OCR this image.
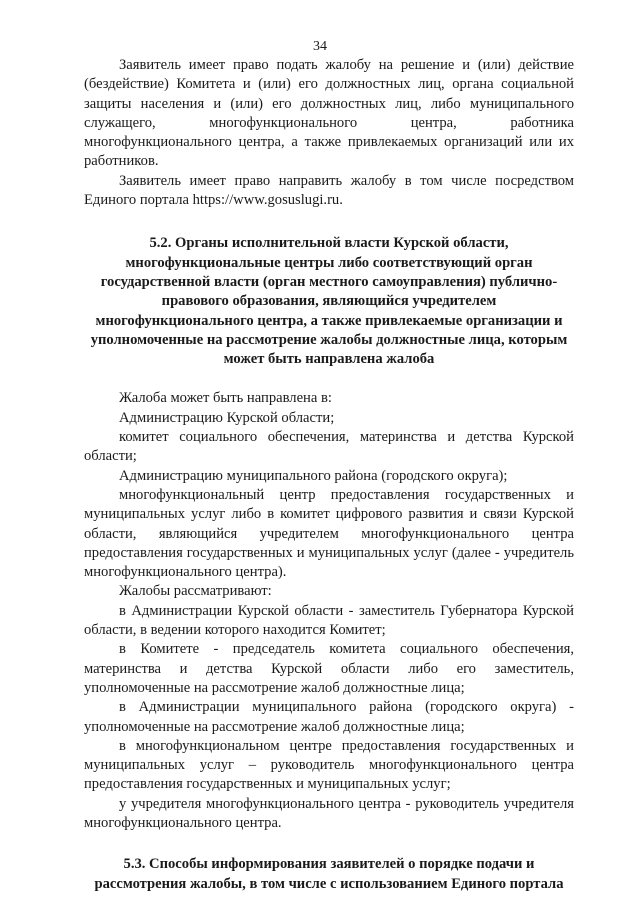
34

Заявитель имеет право подать жалобу на решение и (или) действие (бездействие) Комитета и (или) его должностных лиц, органа социальной защиты населения и (или) его должностных лиц, либо муниципального служащего, многофункционального центра, работника многофункционального центра, а также привлекаемых организаций или их работников.

Заявитель имеет право направить жалобу в том числе посредством Единого портала https://www.gosuslugi.ru.

5.2. Органы исполнительной власти Курской области, многофункциональные центры либо соответствующий орган государственной власти (орган местного самоуправления) публично-правового образования, являющийся учредителем многофункционального центра, а также привлекаемые организации и уполномоченные на рассмотрение жалобы должностные лица, которым может быть направлена жалоба

Жалоба может быть направлена в:

Администрацию Курской области;

комитет социального обеспечения, материнства и детства Курской области;

Администрацию муниципального района (городского округа);

многофункциональный центр предоставления государственных и муниципальных услуг либо в комитет цифрового развития и связи Курской области, являющийся учредителем многофункционального центра предоставления государственных и муниципальных услуг (далее - учредитель многофункционального центра).

Жалобы рассматривают:

в Администрации Курской области - заместитель Губернатора Курской области, в ведении которого находится Комитет;

в Комитете - председатель комитета социального обеспечения, материнства и детства Курской области либо его заместитель, уполномоченные на рассмотрение жалоб должностные лица;

в Администрации муниципального района (городского округа) - уполномоченные на рассмотрение жалоб должностные лица;

в многофункциональном центре предоставления государственных и муниципальных услуг – руководитель многофункционального центра предоставления государственных и муниципальных услуг;

у учредителя многофункционального центра - руководитель учредителя многофункционального центра.

5.3. Способы информирования заявителей о порядке подачи и рассмотрения жалобы, в том числе с использованием Единого портала
